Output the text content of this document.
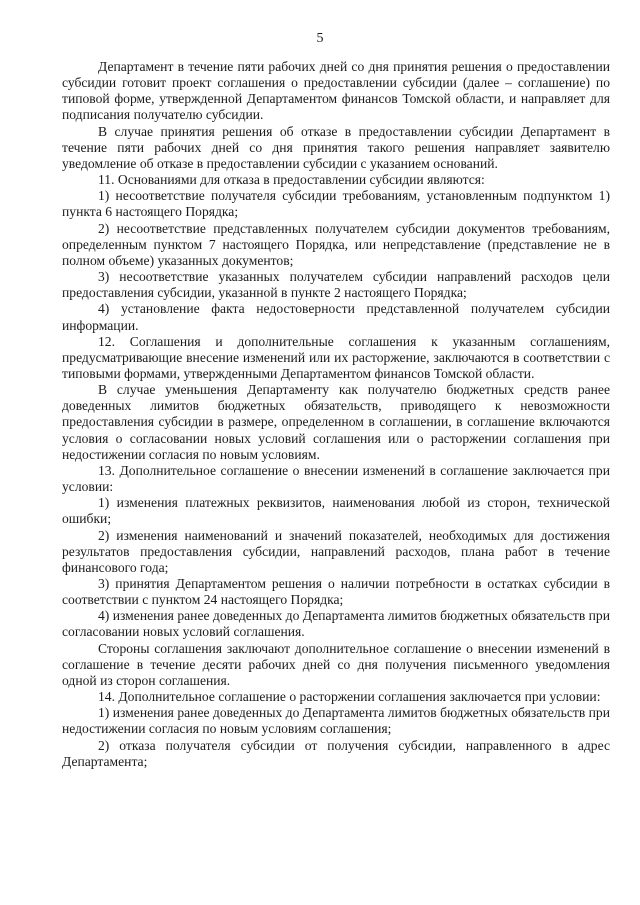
5

Департамент в течение пяти рабочих дней со дня принятия решения о предоставлении субсидии готовит проект соглашения о предоставлении субсидии (далее – соглашение) по типовой форме, утвержденной Департаментом финансов Томской области, и направляет для подписания получателю субсидии.

В случае принятия решения об отказе в предоставлении субсидии Департамент в течение пяти рабочих дней со дня принятия такого решения направляет заявителю уведомление об отказе в предоставлении субсидии с указанием оснований.

11. Основаниями для отказа в предоставлении субсидии являются:

1) несоответствие получателя субсидии требованиям, установленным подпунктом 1) пункта 6 настоящего Порядка;

2) несоответствие представленных получателем субсидии документов требованиям, определенным пунктом 7 настоящего Порядка, или непредставление (представление не в полном объеме) указанных документов;

3) несоответствие указанных получателем субсидии направлений расходов цели предоставления субсидии, указанной в пункте 2 настоящего Порядка;

4) установление факта недостоверности представленной получателем субсидии информации.

12. Соглашения и дополнительные соглашения к указанным соглашениям, предусматривающие внесение изменений или их расторжение, заключаются в соответствии с типовыми формами, утвержденными Департаментом финансов Томской области.

В случае уменьшения Департаменту как получателю бюджетных средств ранее доведенных лимитов бюджетных обязательств, приводящего к невозможности предоставления субсидии в размере, определенном в соглашении, в соглашение включаются условия о согласовании новых условий соглашения или о расторжении соглашения при недостижении согласия по новым условиям.

13. Дополнительное соглашение о внесении изменений в соглашение заключается при условии:

1) изменения платежных реквизитов, наименования любой из сторон, технической ошибки;

2) изменения наименований и значений показателей, необходимых для достижения результатов предоставления субсидии, направлений расходов, плана работ в течение финансового года;

3) принятия Департаментом решения о наличии потребности в остатках субсидии в соответствии с пунктом 24 настоящего Порядка;

4) изменения ранее доведенных до Департамента лимитов бюджетных обязательств при согласовании новых условий соглашения.

Стороны соглашения заключают дополнительное соглашение о внесении изменений в соглашение в течение десяти рабочих дней со дня получения письменного уведомления одной из сторон соглашения.

14. Дополнительное соглашение о расторжении соглашения заключается при условии:

1) изменения ранее доведенных до Департамента лимитов бюджетных обязательств при недостижении согласия по новым условиям соглашения;

2) отказа получателя субсидии от получения субсидии, направленного в адрес Департамента;
